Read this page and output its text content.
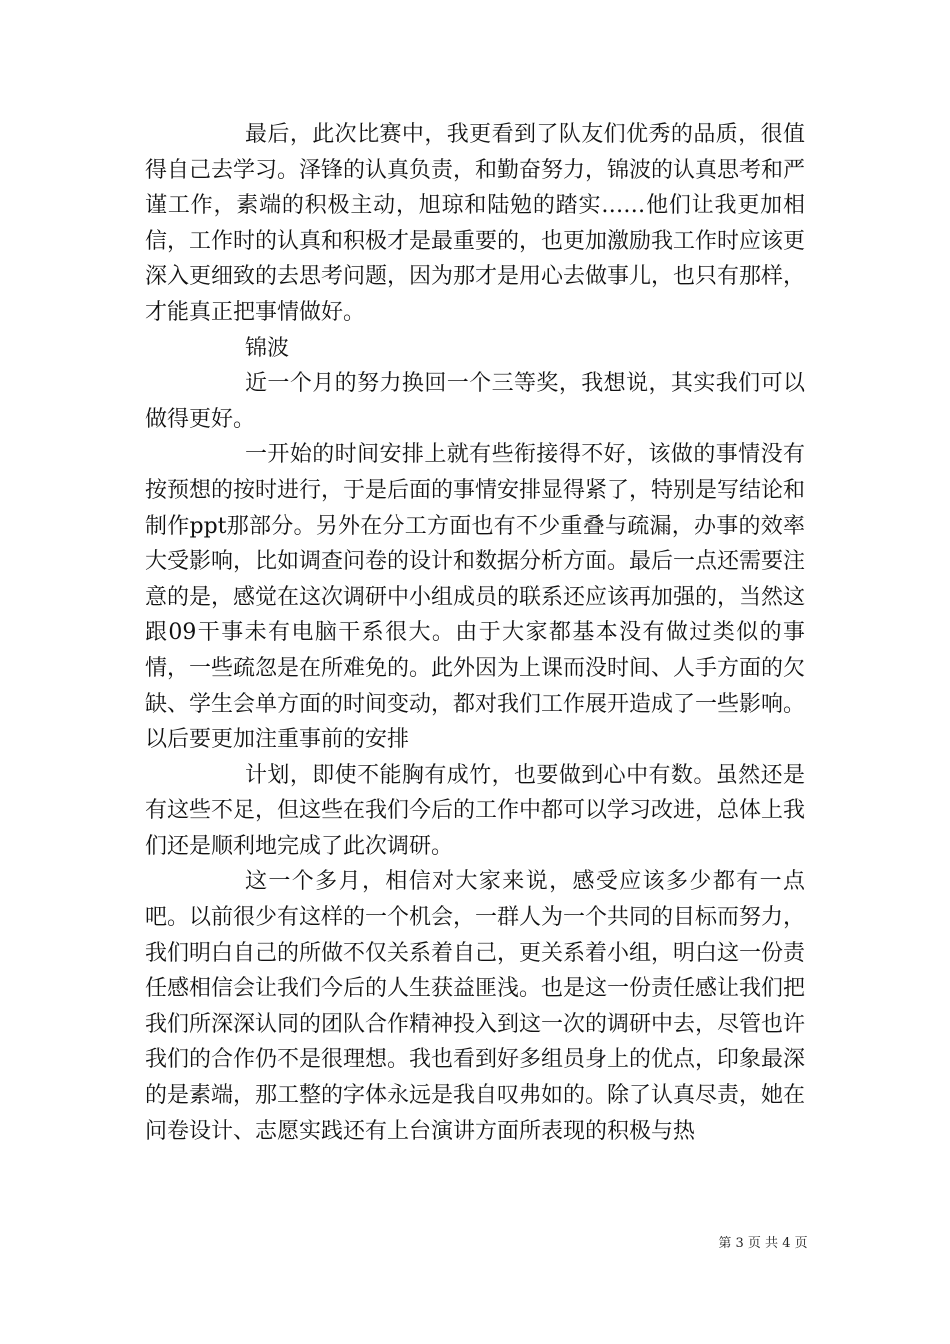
最后，此次比赛中，我更看到了队友们优秀的品质，很值得自己去学习。泽锋的认真负责，和勤奋努力，锦波的认真思考和严谨工作，素端的积极主动，旭琼和陆勉的踏实……他们让我更加相信，工作时的认真和积极才是最重要的，也更加激励我工作时应该更深入更细致的去思考问题，因为那才是用心去做事儿，也只有那样，才能真正把事情做好。

锦波

近一个月的努力换回一个三等奖，我想说，其实我们可以做得更好。

一开始的时间安排上就有些衔接得不好，该做的事情没有按预想的按时进行，于是后面的事情安排显得紧了，特别是写结论和制作ppt那部分。另外在分工方面也有不少重叠与疏漏，办事的效率大受影响，比如调查问卷的设计和数据分析方面。最后一点还需要注意的是，感觉在这次调研中小组成员的联系还应该再加强的，当然这跟09干事未有电脑干系很大。由于大家都基本没有做过类似的事情，一些疏忽是在所难免的。此外因为上课而没时间、人手方面的欠缺、学生会单方面的时间变动，都对我们工作展开造成了一些影响。以后要更加注重事前的安排

计划，即使不能胸有成竹，也要做到心中有数。虽然还是有这些不足，但这些在我们今后的工作中都可以学习改进，总体上我们还是顺利地完成了此次调研。

这一个多月，相信对大家来说，感受应该多少都有一点吧。以前很少有这样的一个机会，一群人为一个共同的目标而努力，我们明白自己的所做不仅关系着自己，更关系着小组，明白这一份责任感相信会让我们今后的人生获益匪浅。也是这一份责任感让我们把我们所深深认同的团队合作精神投入到这一次的调研中去，尽管也许我们的合作仍不是很理想。我也看到好多组员身上的优点，印象最深的是素端，那工整的字体永远是我自叹弗如的。除了认真尽责，她在问卷设计、志愿实践还有上台演讲方面所表现的积极与热

第 3 页 共 4 页
